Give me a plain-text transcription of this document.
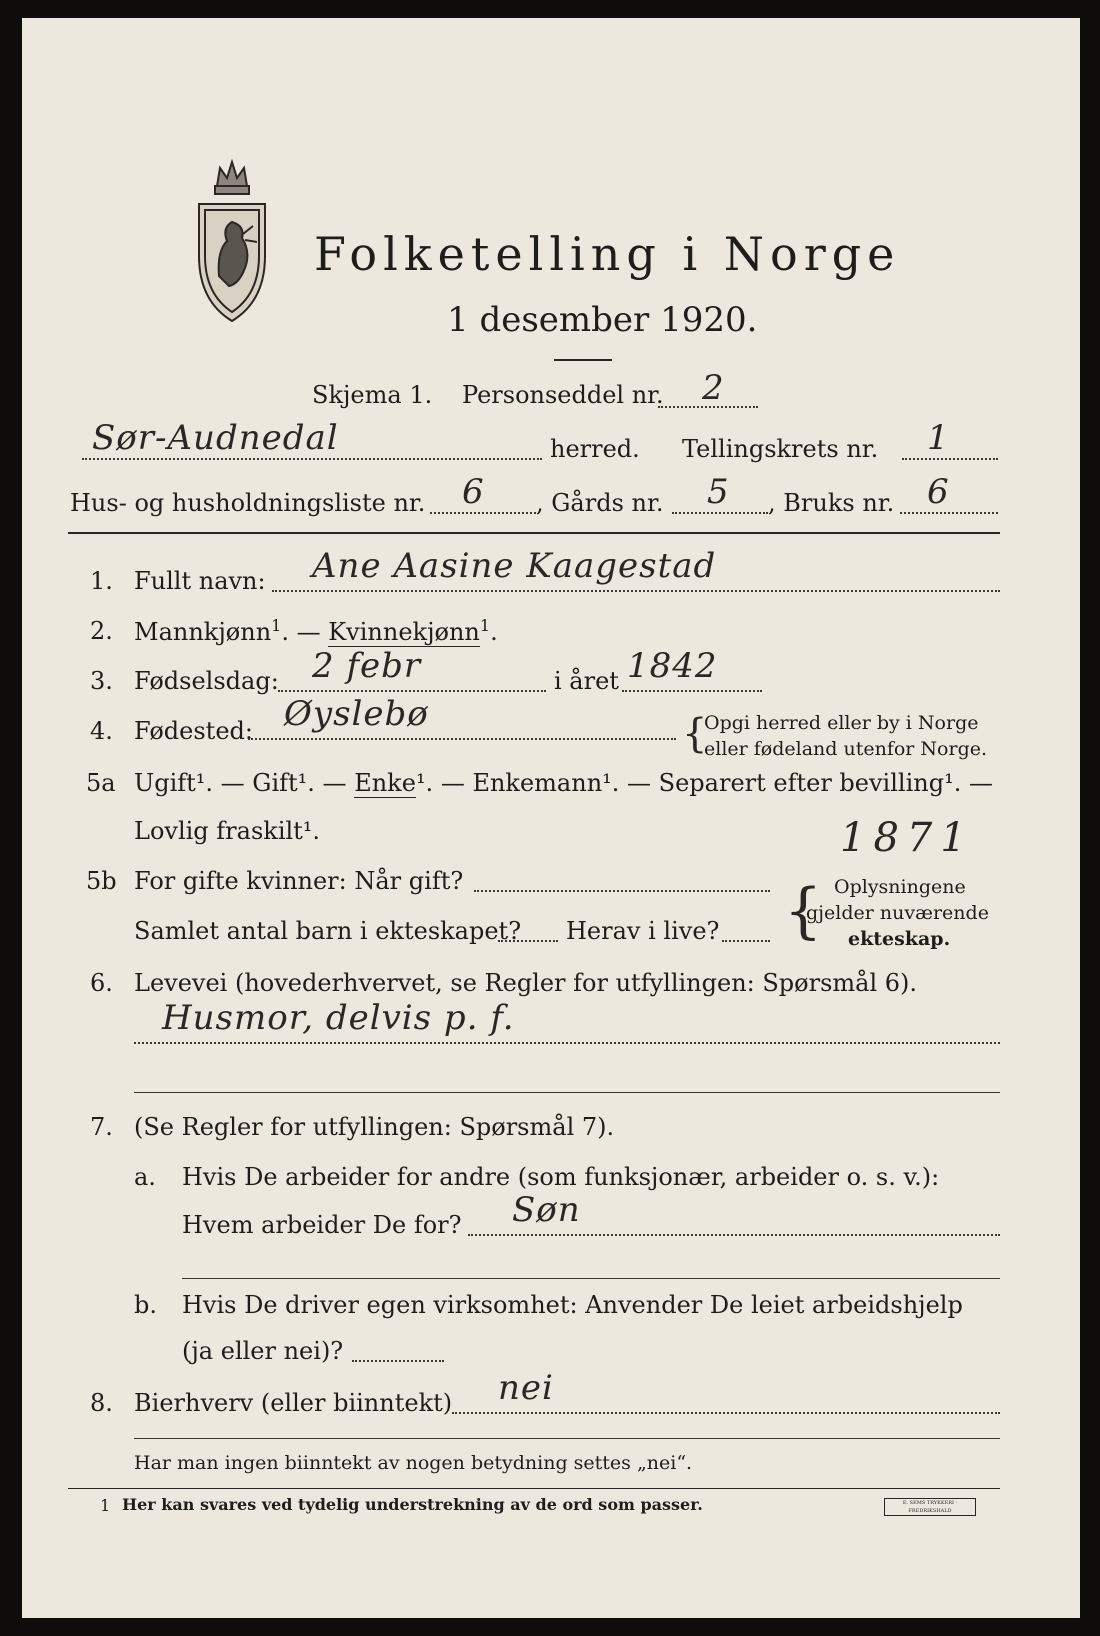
Folketelling i Norge
1 desember 1920.
Skjema 1. Personseddel nr. 2
Sør-Audnedal	herred. Tellingskrets nr. 1
Hus- og husholdningsliste nr. 6 , Gårds nr. 5 , Bruks nr. 6
1. Fullt navn: Ane Aasine Kaagestad
2. Mannkjønn$^1$. — Kvinnekjønn$^1$.
3. Fødselsdag: 2 febr	i året 1842
4. Fødested: Øyslebø	{
Opgi herred eller by i Norge
eller fødeland utenfor Norge.
5a Ugift¹. — Gift¹. — Enke¹. — Enkemann¹. — Separert efter bevilling¹. —
Lovlig fraskilt¹.
5b For gifte kvinner: Når gift?
1871
Samlet antal barn i ekteskapet? Herav i live? { Oplysningene
gjelder nuværende
ekteskap.
6. Levevei (hovederhvervet, se Regler for utfyllingen: Spørsmål 6).
Husmor, delvis p. f.
7. (Se Regler for utfyllingen: Spørsmål 7).
a. Hvis De arbeider for andre (som funksjonær, arbeider o. s. v.):
Hvem arbeider De for? Søn
b. Hvis De driver egen virksomhet: Anvender De leiet arbeidshjelp
(ja eller nei)?
8. Bierhverv (eller biinntekt) nei
Har man ingen biinntekt av nogen betydning settes „nei“.
1 Her kan svares ved tydelig understrekning av de ord som passer.	E. SEMS TRYKKERI · FREDRIKSHALD
